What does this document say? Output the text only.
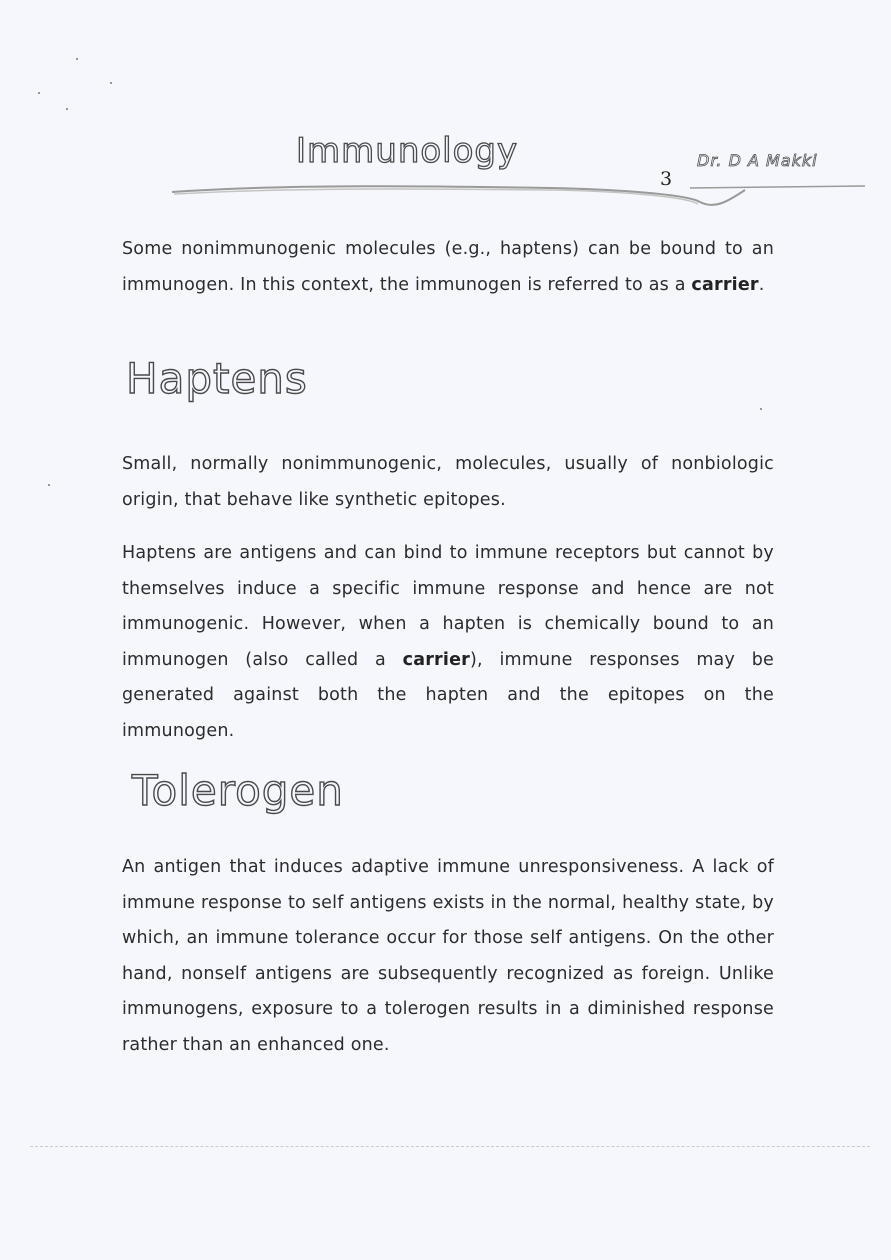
Immunology
3
Dr. D A Makki

Some nonimmunogenic molecules (e.g., haptens) can be bound to an immunogen. In this context, the immunogen is referred to as a carrier.

Haptens

Small, normally nonimmunogenic, molecules, usually of nonbiologic origin, that behave like synthetic epitopes.

Haptens are antigens and can bind to immune receptors but cannot by themselves induce a specific immune response and hence are not immunogenic. However, when a hapten is chemically bound to an immunogen (also called a carrier), immune responses may be generated against both the hapten and the epitopes on the immunogen.

Tolerogen

An antigen that induces adaptive immune unresponsiveness. A lack of immune response to self antigens exists in the normal, healthy state, by which, an immune tolerance occur for those self antigens. On the other hand, nonself antigens are subsequently recognized as foreign. Unlike immunogens, exposure to a tolerogen results in a diminished response rather than an enhanced one.
